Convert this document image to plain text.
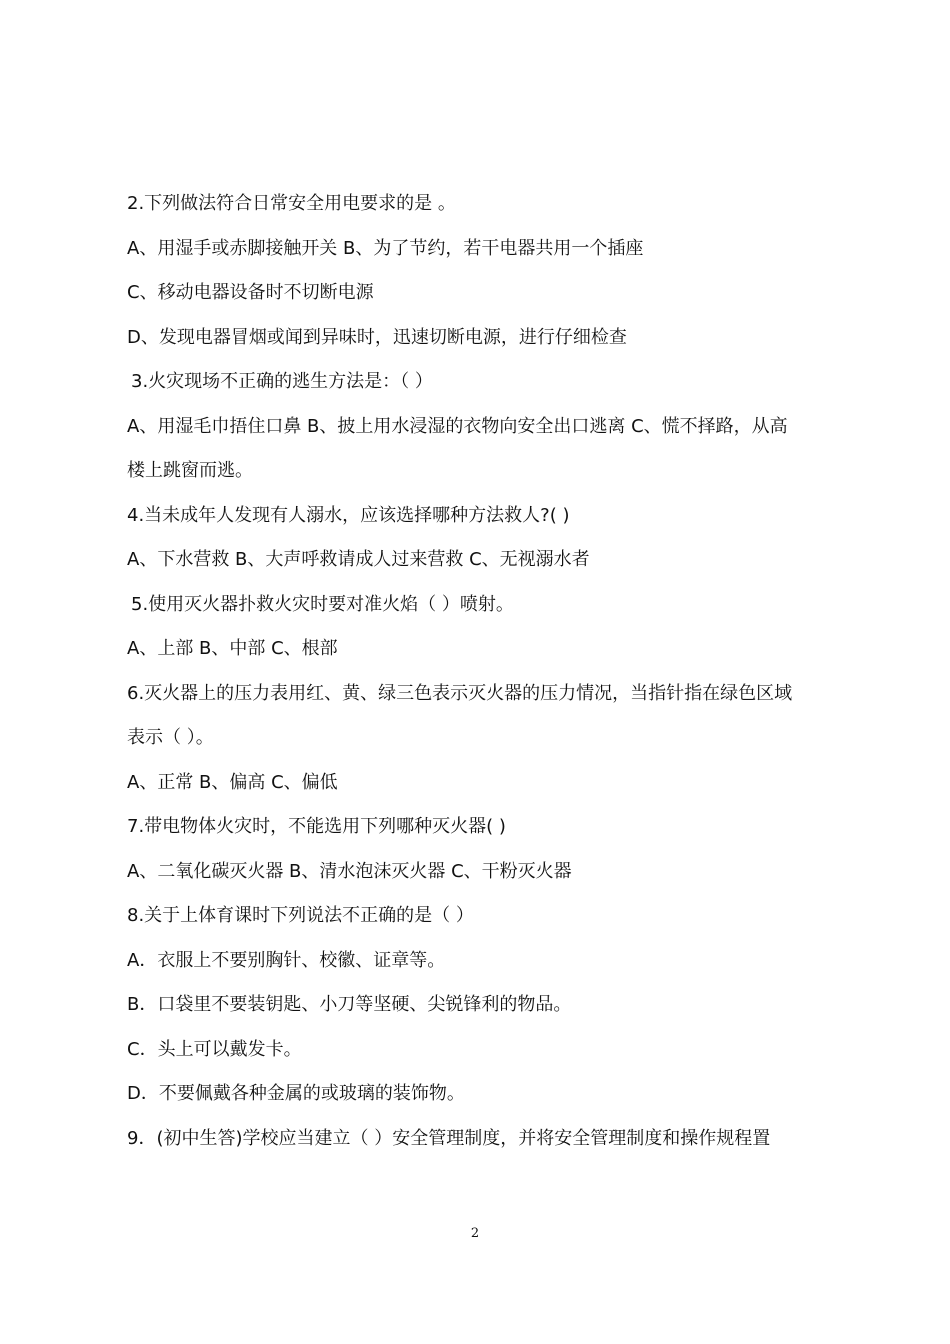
2.下列做法符合日常安全用电要求的是 。

A、用湿手或赤脚接触开关 B、为了节约，若干电器共用一个插座

C、移动电器设备时不切断电源

D、发现电器冒烟或闻到异味时，迅速切断电源，进行仔细检查

3.火灾现场不正确的逃生方法是：（ ）

A、用湿毛巾捂住口鼻 B、披上用水浸湿的衣物向安全出口逃离 C、慌不择路，从高

楼上跳窗而逃。

4.当未成年人发现有人溺水，应该选择哪种方法救人?( )

A、下水营救 B、大声呼救请成人过来营救 C、无视溺水者

5.使用灭火器扑救火灾时要对准火焰（ ）喷射。

A、上部 B、中部 C、根部

6.灭火器上的压力表用红、黄、绿三色表示灭火器的压力情况，当指针指在绿色区域

表示（ ）。

A、正常 B、偏高 C、偏低

7.带电物体火灾时，不能选用下列哪种灭火器( )

A、二氧化碳灭火器 B、清水泡沫灭火器 C、干粉灭火器

8.关于上体育课时下列说法不正确的是（ ）

A．衣服上不要别胸针、校徽、证章等。

B．口袋里不要装钥匙、小刀等坚硬、尖锐锋利的物品。

C．头上可以戴发卡。

D．不要佩戴各种金属的或玻璃的装饰物。

9．(初中生答)学校应当建立（ ）安全管理制度，并将安全管理制度和操作规程置

2
